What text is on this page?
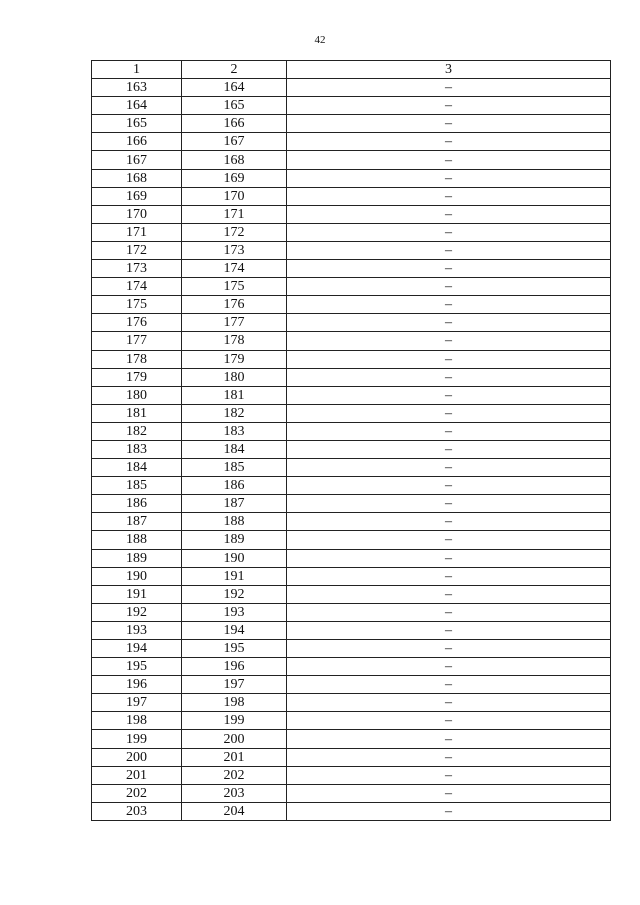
42
1	2	3
163	164	–
164	165	–
165	166	–
166	167	–
167	168	–
168	169	–
169	170	–
170	171	–
171	172	–
172	173	–
173	174	–
174	175	–
175	176	–
176	177	–
177	178	–
178	179	–
179	180	–
180	181	–
181	182	–
182	183	–
183	184	–
184	185	–
185	186	–
186	187	–
187	188	–
188	189	–
189	190	–
190	191	–
191	192	–
192	193	–
193	194	–
194	195	–
195	196	–
196	197	–
197	198	–
198	199	–
199	200	–
200	201	–
201	202	–
202	203	–
203	204	–
